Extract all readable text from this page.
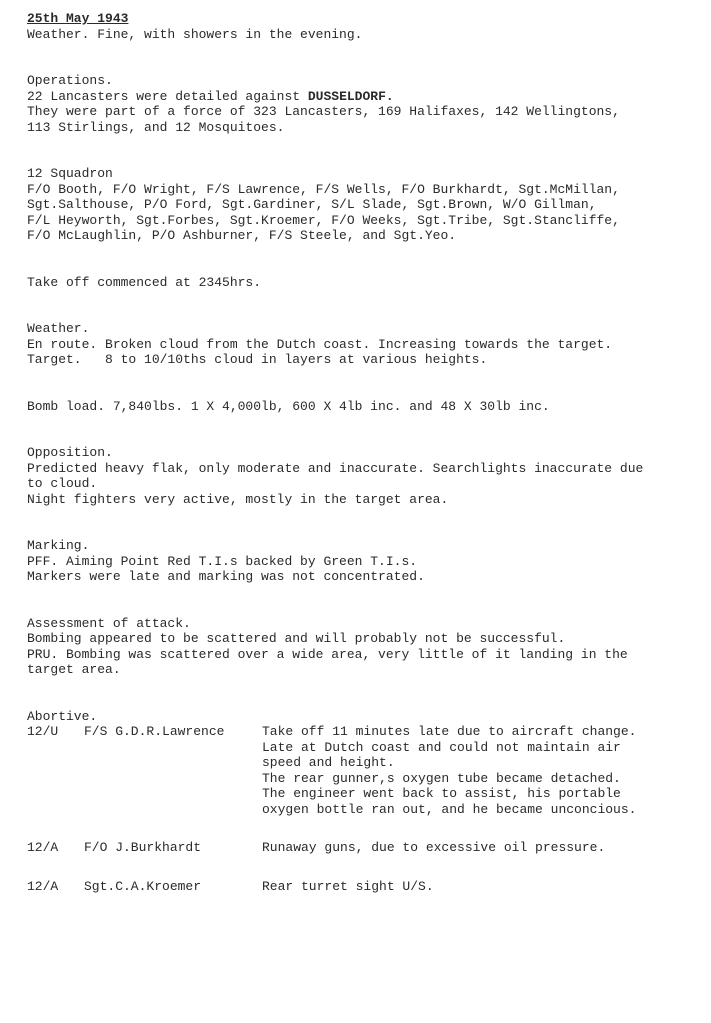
25th May 1943

Weather. Fine, with showers in the evening.

Operations.

22 Lancasters were detailed against DUSSELDORF.

They were part of a force of 323 Lancasters, 169 Halifaxes, 142 Wellingtons,

113 Stirlings, and 12 Mosquitoes.

12 Squadron

F/O Booth, F/O Wright, F/S Lawrence, F/S Wells, F/O Burkhardt, Sgt.McMillan,

Sgt.Salthouse, P/O Ford, Sgt.Gardiner, S/L Slade, Sgt.Brown, W/O Gillman,

F/L Heyworth, Sgt.Forbes, Sgt.Kroemer, F/O Weeks, Sgt.Tribe, Sgt.Stancliffe,

F/O McLaughlin, P/O Ashburner, F/S Steele, and Sgt.Yeo.

Take off commenced at 2345hrs.

Weather.

En route. Broken cloud from the Dutch coast. Increasing towards the target.

Target.   8 to 10/10ths cloud in layers at various heights.

Bomb load. 7,840lbs. 1 X 4,000lb, 600 X 4lb inc. and 48 X 30lb inc.

Opposition.

Predicted heavy flak, only moderate and inaccurate. Searchlights inaccurate due

to cloud.

Night fighters very active, mostly in the target area.

Marking.

PFF. Aiming Point Red T.I.s backed by Green T.I.s.

Markers were late and marking was not concentrated.

Assessment of attack.

Bombing appeared to be scattered and will probably not be successful.

PRU. Bombing was scattered over a wide area, very little of it landing in the

target area.

Abortive.

12/U	F/S G.D.R.Lawrence	Take off 11 minutes late due to aircraft change.

Late at Dutch coast and could not maintain air

speed and height.

The rear gunner,s oxygen tube became detached.

The engineer went back to assist, his portable

oxygen bottle ran out, and he became unconcious.

12/A	F/O J.Burkhardt	Runaway guns, due to excessive oil pressure.

12/A	Sgt.C.A.Kroemer	Rear turret sight U/S.
